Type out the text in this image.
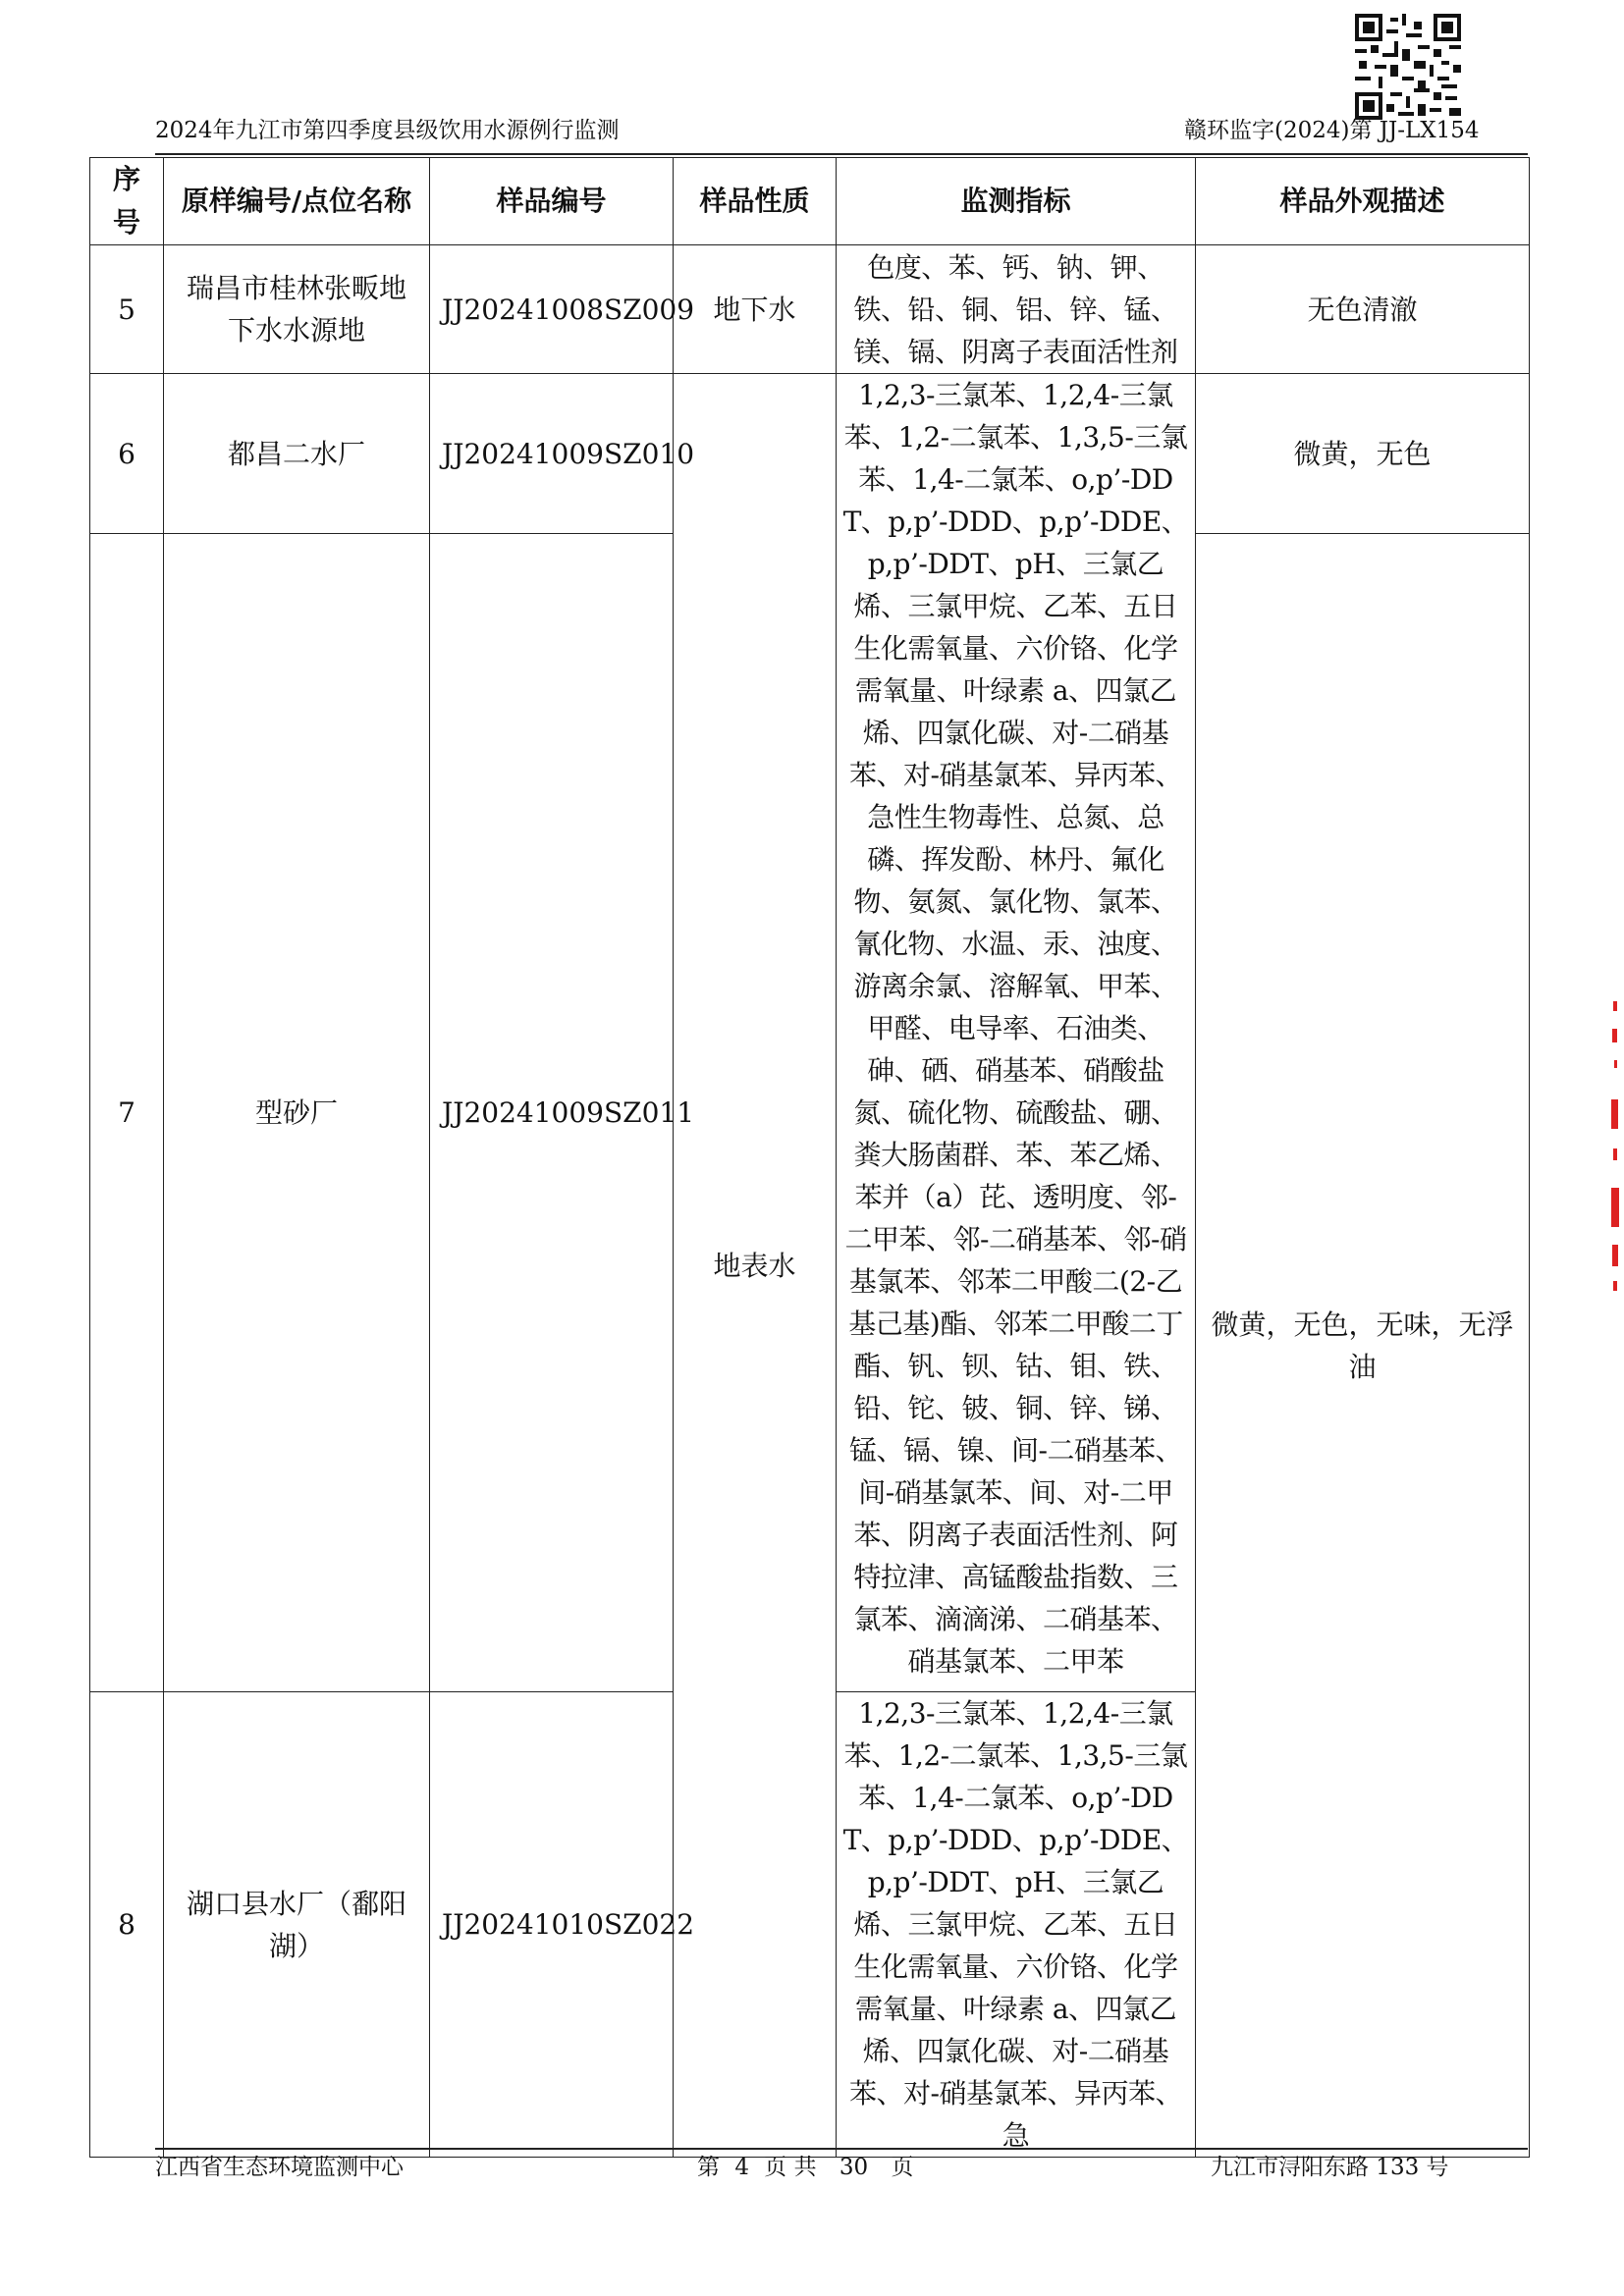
2024年九江市第四季度县级饮用水源例行监测	赣环监字(2024)第 JJ-LX154
序号	原样编号/点位名称	样品编号	样品性质	监测指标	样品外观描述
5	瑞昌市桂林张畈地下水水源地	JJ20241008SZ009	地下水	色度、苯、钙、钠、钾、铁、铅、铜、铝、锌、锰、镁、镉、阴离子表面活性剂	无色清澈
6	都昌二水厂	JJ20241009SZ010	地表水	1,2,3-三氯苯、1,2,4-三氯苯、1,2-二氯苯、1,3,5-三氯苯、1,4-二氯苯、o,p’-DDT、p,p’-DDD、p,p’-DDE、p,p’-DDT、pH、三氯乙烯、三氯甲烷、乙苯、五日生化需氧量、六价铬、化学需氧量、叶绿素 a、四氯乙烯、四氯化碳、对-二硝基苯、对-硝基氯苯、异丙苯、急性生物毒性、总氮、总磷、挥发酚、林丹、氟化物、氨氮、氯化物、氯苯、氰化物、水温、汞、浊度、游离余氯、溶解氧、甲苯、甲醛、电导率、石油类、砷、硒、硝基苯、硝酸盐氮、硫化物、硫酸盐、硼、粪大肠菌群、苯、苯乙烯、苯并（a）芘、透明度、邻-二甲苯、邻-二硝基苯、邻-硝基氯苯、邻苯二甲酸二(2-乙基己基)酯、邻苯二甲酸二丁酯、钒、钡、钴、钼、铁、铅、铊、铍、铜、锌、锑、锰、镉、镍、间-二硝基苯、间-硝基氯苯、间、对-二甲苯、阴离子表面活性剂、阿特拉津、高锰酸盐指数、三氯苯、滴滴涕、二硝基苯、硝基氯苯、二甲苯	微黄，无色
7	型砂厂	JJ20241009SZ011			微黄，无色，无味，无浮油
8	湖口县水厂（鄱阳湖）	JJ20241010SZ022		1,2,3-三氯苯、1,2,4-三氯苯、1,2-二氯苯、1,3,5-三氯苯、1,4-二氯苯、o,p’-DDT、p,p’-DDD、p,p’-DDE、p,p’-DDT、pH、三氯乙烯、三氯甲烷、乙苯、五日生化需氧量、六价铬、化学需氧量、叶绿素 a、四氯乙烯、四氯化碳、对-二硝基苯、对-硝基氯苯、异丙苯、急	
江西省生态环境监测中心	第 4 页 共 30 页	九江市浔阳东路 133 号
